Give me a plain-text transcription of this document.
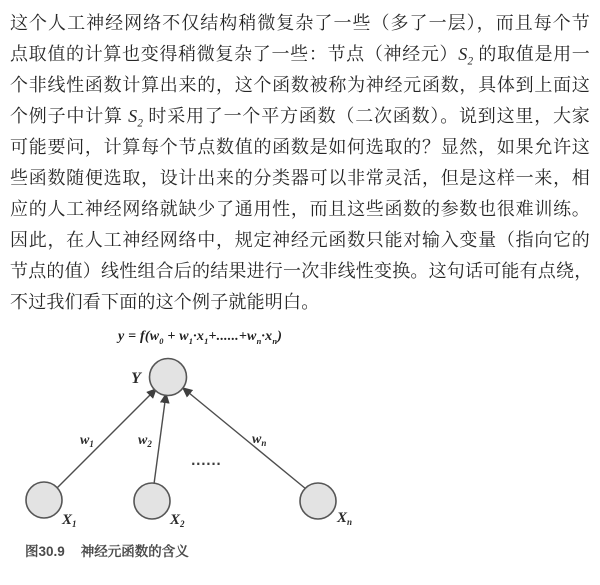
这个人工神经网络不仅结构稍微复杂了一些（多了一层），而且每个节
点取值的计算也变得稍微复杂了一些：节点（神经元）$S_2$ 的取值是用一
个非线性函数计算出来的，这个函数被称为神经元函数，具体到上面这
个例子中计算 $S_2$ 时采用了一个平方函数（二次函数）。说到这里，大家
可能要问，计算每个节点数值的函数是如何选取的？显然，如果允许这
些函数随便选取，设计出来的分类器可以非常灵活，但是这样一来，相
应的人工神经网络就缺少了通用性，而且这些函数的参数也很难训练。
因此，在人工神经网络中，规定神经元函数只能对输入变量（指向它的
节点的值）线性组合后的结果进行一次非线性变换。这句话可能有点绕，
不过我们看下面的这个例子就能明白。
$y = f(w_0 + w_1\cdot x_1+......+w_n\cdot x_n)$
Y
$w_1$	$w_2$	$w_n$
......
$X_1$	$X_2$	$X_n$
图30.9 神经元函数的含义
